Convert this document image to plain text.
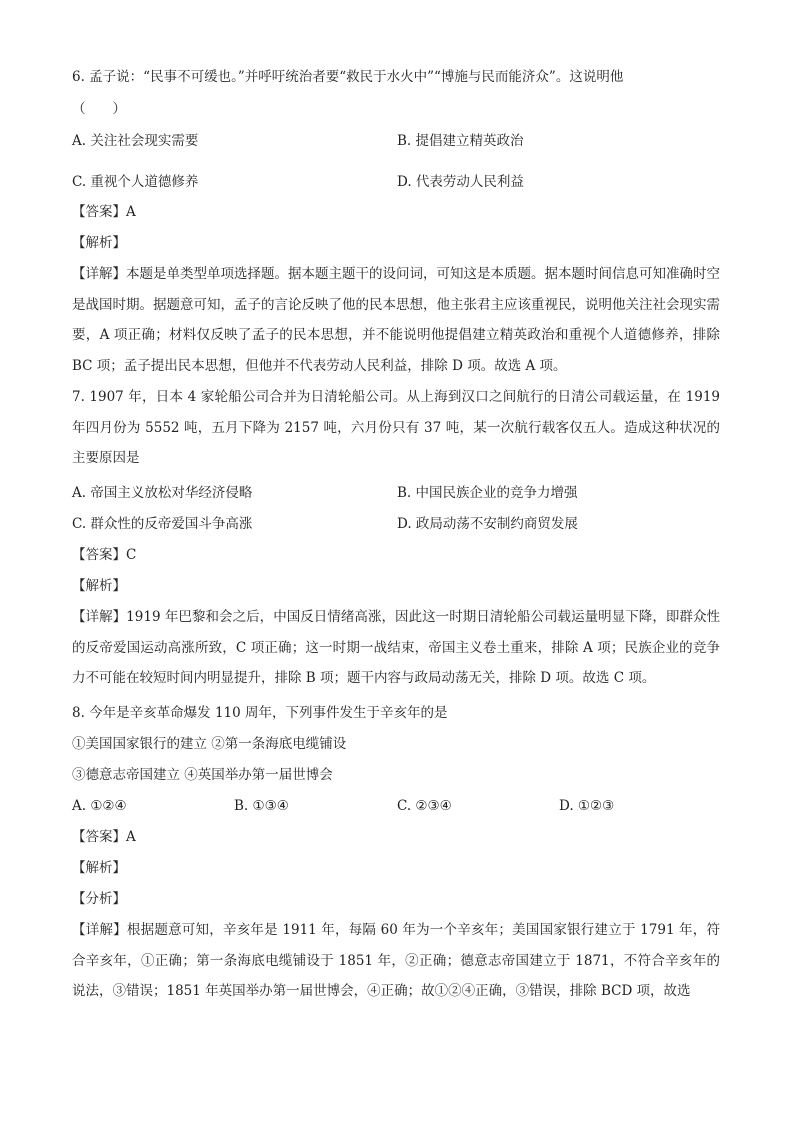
6. 孟子说：“民事不可缓也。”并呼吁统治者要“救民于水火中”“博施与民而能济众”。这说明他
（　　）
A. 关注社会现实需要	B. 提倡建立精英政治
C. 重视个人道德修养	D. 代表劳动人民利益
【答案】A
【解析】
【详解】本题是单类型单项选择题。据本题主题干的设问词，可知这是本质题。据本题时间信息可知准确时空是战国时期。据题意可知，孟子的言论反映了他的民本思想，他主张君主应该重视民，说明他关注社会现实需要，A 项正确；材料仅反映了孟子的民本思想，并不能说明他提倡建立精英政治和重视个人道德修养，排除 BC 项；孟子提出民本思想，但他并不代表劳动人民利益，排除 D 项。故选 A 项。
7. 1907 年，日本 4 家轮船公司合并为日清轮船公司。从上海到汉口之间航行的日清公司载运量，在 1919 年四月份为 5552 吨，五月下降为 2157 吨，六月份只有 37 吨，某一次航行载客仅五人。造成这种状况的主要原因是
A. 帝国主义放松对华经济侵略	B. 中国民族企业的竞争力增强
C. 群众性的反帝爱国斗争高涨	D. 政局动荡不安制约商贸发展
【答案】C
【解析】
【详解】1919 年巴黎和会之后，中国反日情绪高涨，因此这一时期日清轮船公司载运量明显下降，即群众性的反帝爱国运动高涨所致，C 项正确；这一时期一战结束，帝国主义卷土重来，排除 A 项；民族企业的竞争力不可能在较短时间内明显提升，排除 B 项；题干内容与政局动荡无关，排除 D 项。故选 C 项。
8. 今年是辛亥革命爆发 110 周年，下列事件发生于辛亥年的是
①美国国家银行的建立 ②第一条海底电缆铺设
③德意志帝国建立 ④英国举办第一届世博会
A. ①②④	B. ①③④	C. ②③④	D. ①②③
【答案】A
【解析】
【分析】
【详解】根据题意可知，辛亥年是 1911 年，每隔 60 年为一个辛亥年；美国国家银行建立于 1791 年，符合辛亥年，①正确；第一条海底电缆铺设于 1851 年，②正确；德意志帝国建立于 1871，不符合辛亥年的说法，③错误；1851 年英国举办第一届世博会，④正确；故①②④正确，③错误，排除 BCD 项，故选
